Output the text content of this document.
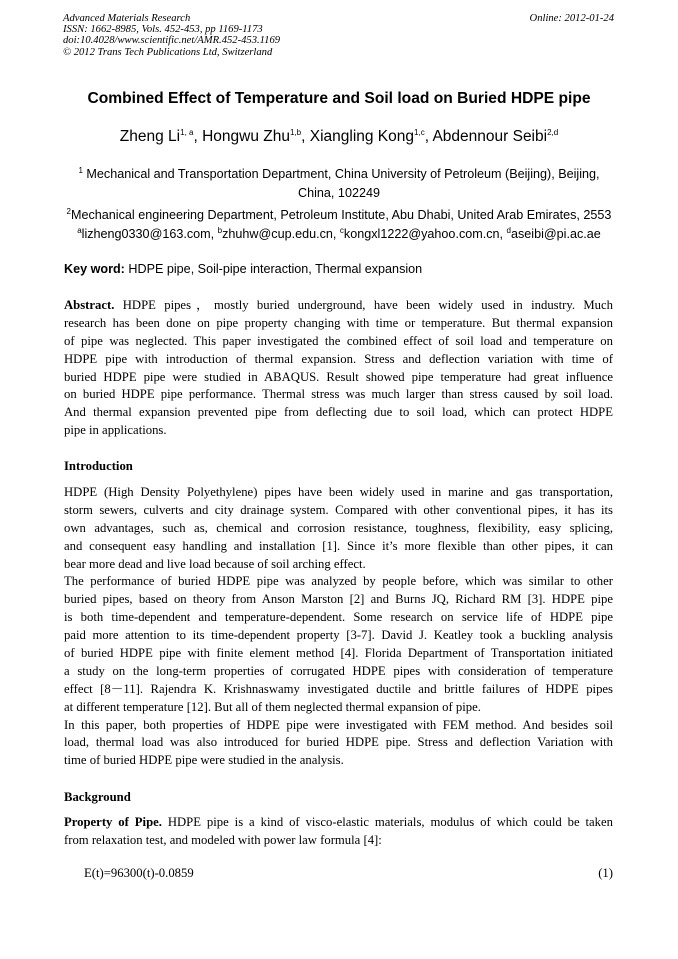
Advanced Materials Research
ISSN: 1662-8985, Vols. 452-453, pp 1169-1173
doi:10.4028/www.scientific.net/AMR.452-453.1169
© 2012 Trans Tech Publications Ltd, Switzerland
Online: 2012-01-24
Combined Effect of Temperature and Soil load on Buried HDPE pipe
Zheng Li$^{1, a}$, Hongwu Zhu$^{1,b}$, Xiangling Kong$^{1,c}$, Abdennour Seibi$^{2,d}$
$^1$ Mechanical and Transportation Department, China University of Petroleum (Beijing), Beijing,
China, 102249
$^2$Mechanical engineering Department, Petroleum Institute, Abu Dhabi, United Arab Emirates, 2553
$^a$lizheng0330@163.com, $^b$zhuhw@cup.edu.cn, $^c$kongxl1222@yahoo.com.cn, $^d$aseibi@pi.ac.ae
Key word: HDPE pipe, Soil-pipe interaction, Thermal expansion
Abstract. HDPE pipes，mostly buried underground, have been widely used in industry. Much
research has been done on pipe property changing with time or temperature. But thermal expansion
of pipe was neglected. This paper investigated the combined effect of soil load and temperature on
HDPE pipe with introduction of thermal expansion. Stress and deflection variation with time of
buried HDPE pipe were studied in ABAQUS. Result showed pipe temperature had great influence
on buried HDPE pipe performance. Thermal stress was much larger than stress caused by soil load.
And thermal expansion prevented pipe from deflecting due to soil load, which can protect HDPE
pipe in applications.
Introduction
HDPE (High Density Polyethylene) pipes have been widely used in marine and gas transportation,
storm sewers, culverts and city drainage system. Compared with other conventional pipes, it has its
own advantages, such as, chemical and corrosion resistance, toughness, flexibility, easy splicing,
and consequent easy handling and installation [1]. Since it’s more flexible than other pipes, it can
bear more dead and live load because of soil arching effect.
The performance of buried HDPE pipe was analyzed by people before, which was similar to other
buried pipes, based on theory from Anson Marston [2] and Burns JQ, Richard RM [3]. HDPE pipe
is both time-dependent and temperature-dependent. Some research on service life of HDPE pipe
paid more attention to its time-dependent property [3-7]. David J. Keatley took a buckling analysis
of buried HDPE pipe with finite element method [4]. Florida Department of Transportation initiated
a study on the long-term properties of corrugated HDPE pipes with consideration of temperature
effect [8－11]. Rajendra K. Krishnaswamy investigated ductile and brittle failures of HDPE pipes
at different temperature [12]. But all of them neglected thermal expansion of pipe.
In this paper, both properties of HDPE pipe were investigated with FEM method. And besides soil
load, thermal load was also introduced for buried HDPE pipe. Stress and deflection Variation with
time of buried HDPE pipe were studied in the analysis.
Background
Property of Pipe. HDPE pipe is a kind of visco-elastic materials, modulus of which could be taken
from relaxation test, and modeled with power law formula [4]:
E(t)=96300(t)-0.0859	(1)
